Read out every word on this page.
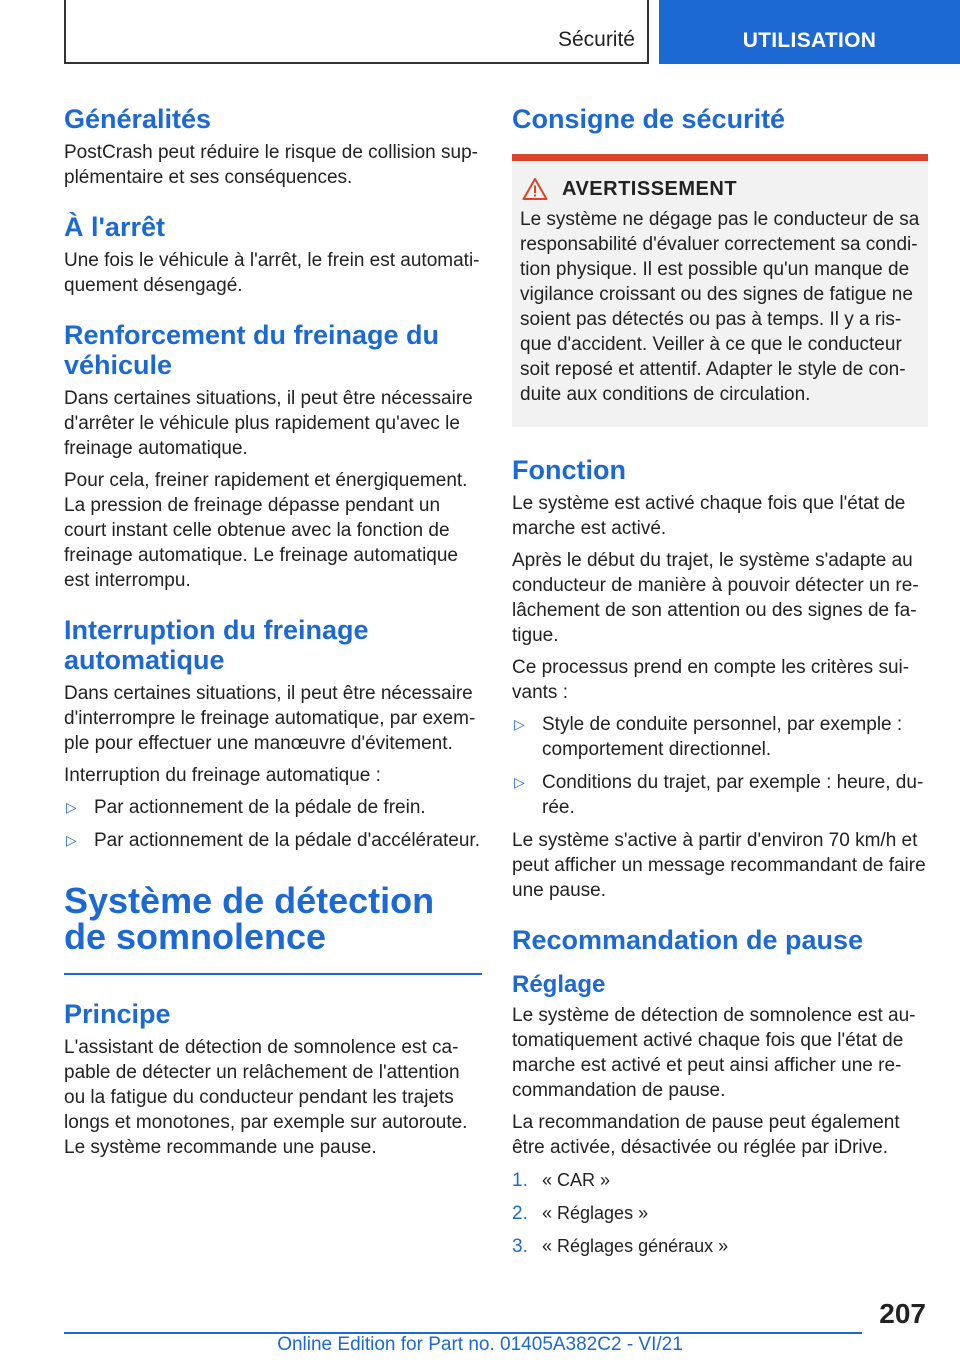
Sécurité	UTILISATION
Généralités

PostCrash peut réduire le risque de collision supplémentaire et ses conséquences.

À l'arrêt

Une fois le véhicule à l'arrêt, le frein est automatiquement désengagé.

Renforcement du freinage du véhicule

Dans certaines situations, il peut être nécessaire d'arrêter le véhicule plus rapidement qu'avec le freinage automatique.

Pour cela, freiner rapidement et énergiquement. La pression de freinage dépasse pendant un court instant celle obtenue avec la fonction de freinage automatique. Le freinage automatique est interrompu.

Interruption du freinage automatique

Dans certaines situations, il peut être nécessaire d'interrompre le freinage automatique, par exemple pour effectuer une manœuvre d'évitement.

Interruption du freinage automatique :

▷ Par actionnement de la pédale de frein.
▷ Par actionnement de la pédale d'accélérateur.
Système de détection de somnolence
Principe

L'assistant de détection de somnolence est capable de détecter un relâchement de l'attention ou la fatigue du conducteur pendant les trajets longs et monotones, par exemple sur autoroute. Le système recommande une pause.

Consigne de sécurité
AVERTISSEMENT

Le système ne dégage pas le conducteur de sa responsabilité d'évaluer correctement sa condition physique. Il est possible qu'un manque de vigilance croissant ou des signes de fatigue ne soient pas détectés ou pas à temps. Il y a risque d'accident. Veiller à ce que le conducteur soit reposé et attentif. Adapter le style de conduite aux conditions de circulation.

Fonction

Le système est activé chaque fois que l'état de marche est activé.

Après le début du trajet, le système s'adapte au conducteur de manière à pouvoir détecter un relâchement de son attention ou des signes de fatigue.

Ce processus prend en compte les critères suivants :

▷ Style de conduite personnel, par exemple : comportement directionnel.
▷ Conditions du trajet, par exemple : heure, durée.

Le système s'active à partir d'environ 70 km/h et peut afficher un message recommandant de faire une pause.

Recommandation de pause
Réglage

Le système de détection de somnolence est automatiquement activé chaque fois que l'état de marche est activé et peut ainsi afficher une recommandation de pause.

La recommandation de pause peut également être activée, désactivée ou réglée par iDrive.

1. « CAR »
2. « Réglages »
3. « Réglages généraux »
207
Online Edition for Part no. 01405A382C2 - VI/21
